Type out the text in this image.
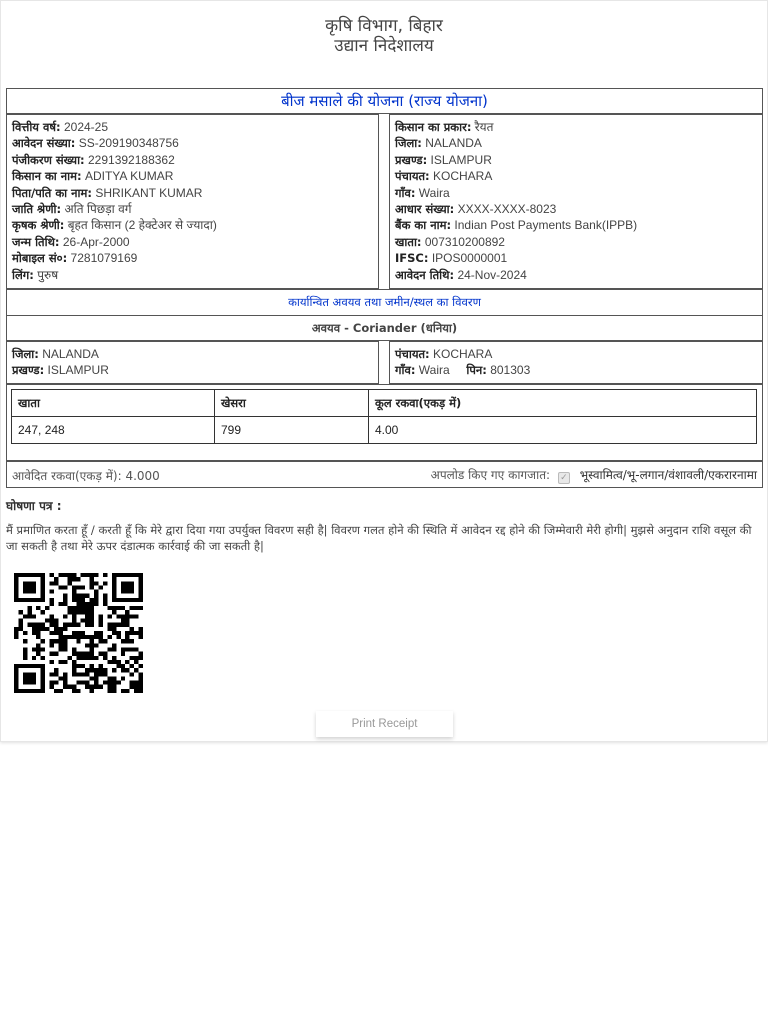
कृषि विभाग, बिहार
उद्यान निदेशालय
बीज मसाले की योजना (राज्य योजना)
वित्तीय वर्ष: 2024-25
आवेदन संख्या: SS-209190348756
पंजीकरण संख्या: 2291392188362
किसान का नाम: ADITYA KUMAR
पिता/पति का नाम: SHRIKANT KUMAR
जाति श्रेणी: अति पिछड़ा वर्ग
कृषक श्रेणी: बृहत किसान (2 हेक्टेअर से ज्यादा)
जन्म तिथि: 26-Apr-2000
मोबाइल सं०: 7281079169
लिंग: पुरुष
किसान का प्रकार: रैयत
जिला: NALANDA
प्रखण्ड: ISLAMPUR
पंचायत: KOCHARA
गाँव: Waira
आधार संख्या: XXXX-XXXX-8023
बैंक का नाम: Indian Post Payments Bank(IPPB)
खाता: 007310200892
IFSC: IPOS0000001
आवेदन तिथि: 24-Nov-2024
कार्यान्वित अवयव तथा जमीन/स्थल का विवरण
अवयव - Coriander (धनिया)
जिला: NALANDA
प्रखण्ड: ISLAMPUR
पंचायत: KOCHARA
गाँव: Waira पिन: 801303
खाता	खेसरा	कूल रकवा(एकड़ में)
247, 248	799	4.00
आवेदित रकवा(एकड़ में): 4.000	अपलोड किए गए कागजात: ✓ भूस्वामित्व/भू-लगान/वंशावली/एकरारनामा
घोषणा पत्र :
मैं प्रमाणित करता हूँ / करती हूँ कि मेरे द्वारा दिया गया उपर्युक्त विवरण सही है| विवरण गलत होने की स्थिति में आवेदन रद्द होने की जिम्मेवारी मेरी होगी| मुझसे अनुदान राशि वसूल की जा सकती है तथा मेरे ऊपर दंडात्मक कार्रवाई की जा सकती है|
Print Receipt
